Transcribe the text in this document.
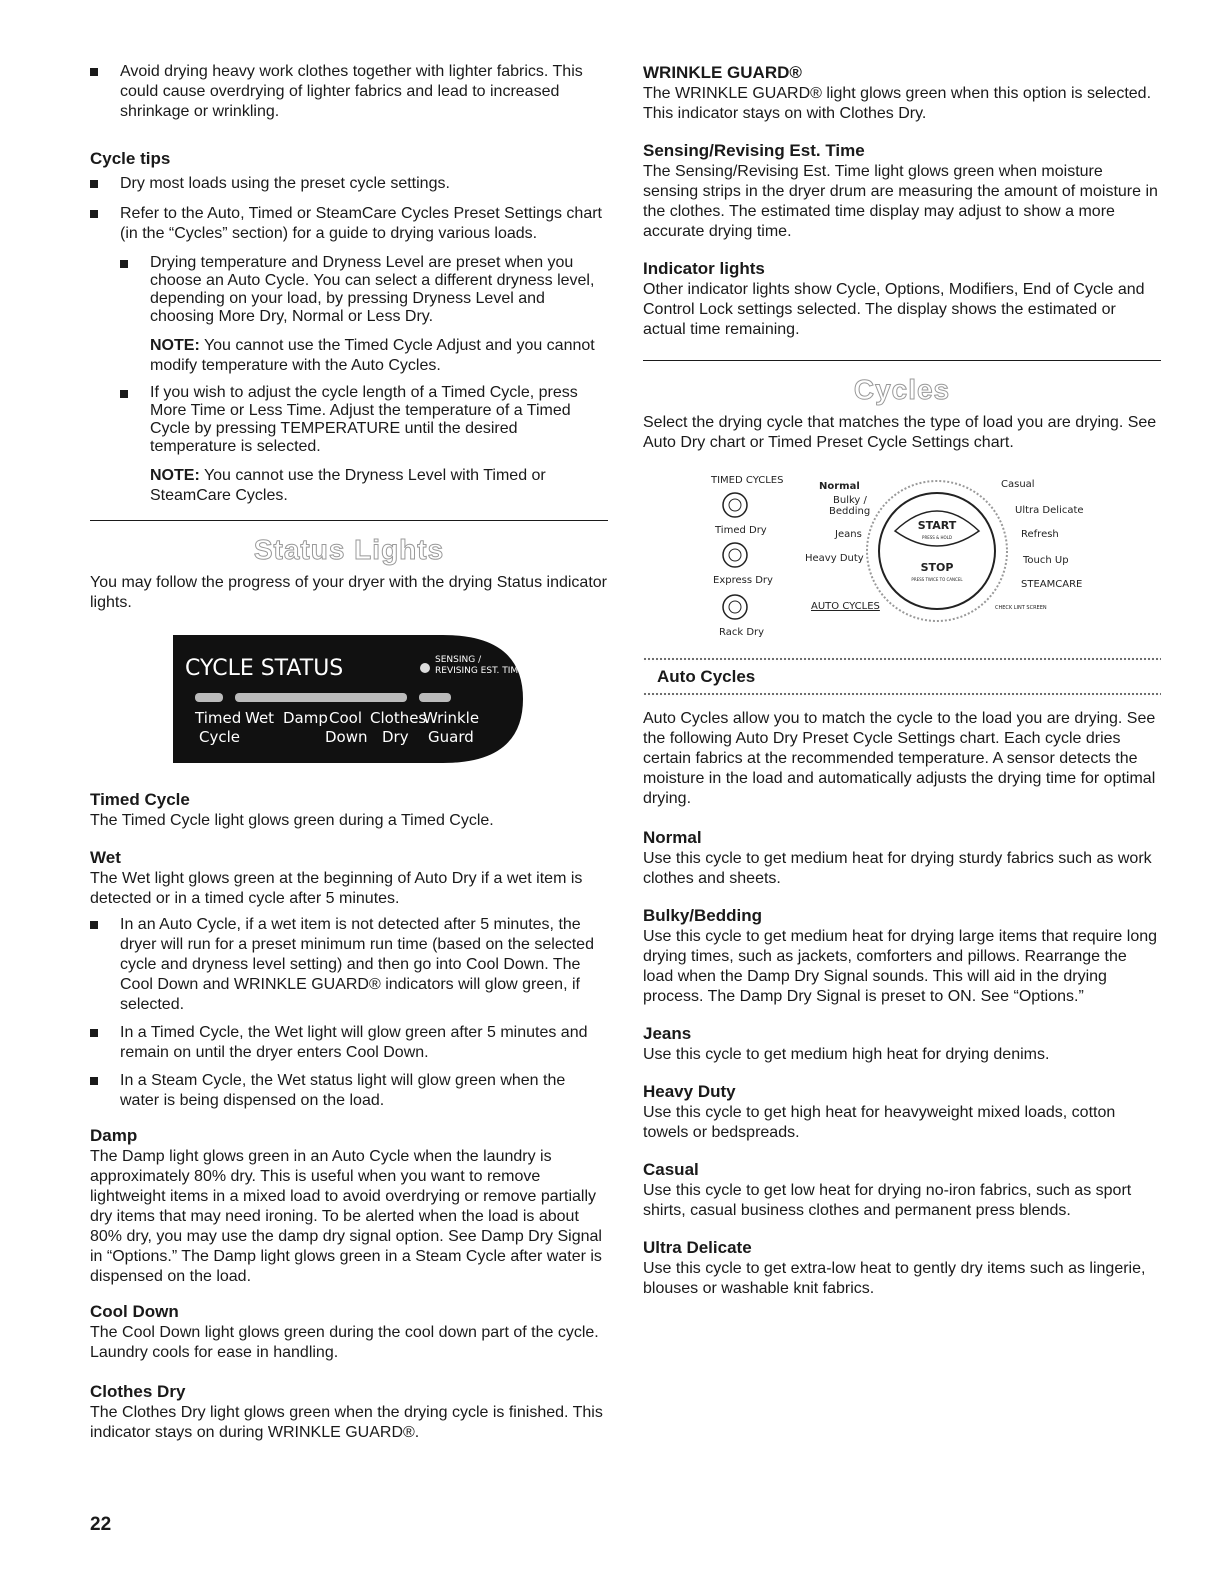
Avoid drying heavy work clothes together with lighter fabrics. This could cause overdrying of lighter fabrics and lead to increased shrinkage or wrinkling.
Cycle tips
Dry most loads using the preset cycle settings.
Refer to the Auto, Timed or SteamCare Cycles Preset Settings chart (in the “Cycles” section) for a guide to drying various loads.
Drying temperature and Dryness Level are preset when you choose an Auto Cycle. You can select a different dryness level, depending on your load, by pressing Dryness Level and choosing More Dry, Normal or Less Dry.

NOTE: You cannot use the Timed Cycle Adjust and you cannot modify temperature with the Auto Cycles.

If you wish to adjust the cycle length of a Timed Cycle, press More Time or Less Time. Adjust the temperature of a Timed Cycle by pressing TEMPERATURE until the desired temperature is selected.

NOTE: You cannot use the Dryness Level with Timed or SteamCare Cycles.

Status Lights

You may follow the progress of your dryer with the drying Status indicator lights.

CYCLE STATUS	SENSING /
REVISING EST. TIME
Timed Wet Damp Cool Clothes
Wrinkle
Cycle	Down Dry Guard
Timed Cycle

The Timed Cycle light glows green during a Timed Cycle.

Wet

The Wet light glows green at the beginning of Auto Dry if a wet item is detected or in a timed cycle after 5 minutes.

In an Auto Cycle, if a wet item is not detected after 5 minutes, the dryer will run for a preset minimum run time (based on the selected cycle and dryness level setting) and then go into Cool Down. The Cool Down and WRINKLE GUARD® indicators will glow green, if selected.
In a Timed Cycle, the Wet light will glow green after 5 minutes and remain on until the dryer enters Cool Down.
In a Steam Cycle, the Wet status light will glow green when the water is being dispensed on the load.
Damp

The Damp light glows green in an Auto Cycle when the laundry is approximately 80% dry. This is useful when you want to remove lightweight items in a mixed load to avoid overdrying or remove partially dry items that may need ironing. To be alerted when the load is about 80% dry, you may use the damp dry signal option. See Damp Dry Signal in “Options.” The Damp light glows green in a Steam Cycle after water is dispensed on the load.

Cool Down

The Cool Down light glows green during the cool down part of the cycle. Laundry cools for ease in handling.

Clothes Dry

The Clothes Dry light glows green when the drying cycle is finished. This indicator stays on during WRINKLE GUARD®.

WRINKLE GUARD®

The WRINKLE GUARD® light glows green when this option is selected. This indicator stays on with Clothes Dry.

Sensing/Revising Est. Time

The Sensing/Revising Est. Time light glows green when moisture sensing strips in the dryer drum are measuring the amount of moisture in the clothes. The estimated time display may adjust to show a more accurate drying time.

Indicator lights

Other indicator lights show Cycle, Options, Modifiers, End of Cycle and Control Lock settings selected. The display shows the estimated or actual time remaining.

Cycles

Select the drying cycle that matches the type of load you are drying. See Auto Dry chart or Timed Preset Cycle Settings chart.

TIMED CYCLES
Timed Dry
Express Dry
Rack Dry
Normal
Bulky /
Bedding
Jeans
Heavy Duty
AUTO CYCLES
Casual
Ultra Delicate
Refresh
Touch Up
STEAMCARE
CHECK LINT SCREEN
START
PRESS & HOLD
STOP
PRESS TWICE TO CANCEL
Auto Cycles

Auto Cycles allow you to match the cycle to the load you are drying. See the following Auto Dry Preset Cycle Settings chart. Each cycle dries certain fabrics at the recommended temperature. A sensor detects the moisture in the load and automatically adjusts the drying time for optimal drying.

Normal

Use this cycle to get medium heat for drying sturdy fabrics such as work clothes and sheets.

Bulky/Bedding

Use this cycle to get medium heat for drying large items that require long drying times, such as jackets, comforters and pillows. Rearrange the load when the Damp Dry Signal sounds. This will aid in the drying process. The Damp Dry Signal is preset to ON. See “Options.”

Jeans

Use this cycle to get medium high heat for drying denims.

Heavy Duty

Use this cycle to get high heat for heavyweight mixed loads, cotton towels or bedspreads.

Casual

Use this cycle to get low heat for drying no-iron fabrics, such as sport shirts, casual business clothes and permanent press blends.

Ultra Delicate

Use this cycle to get extra-low heat to gently dry items such as lingerie, blouses or washable knit fabrics.

22
